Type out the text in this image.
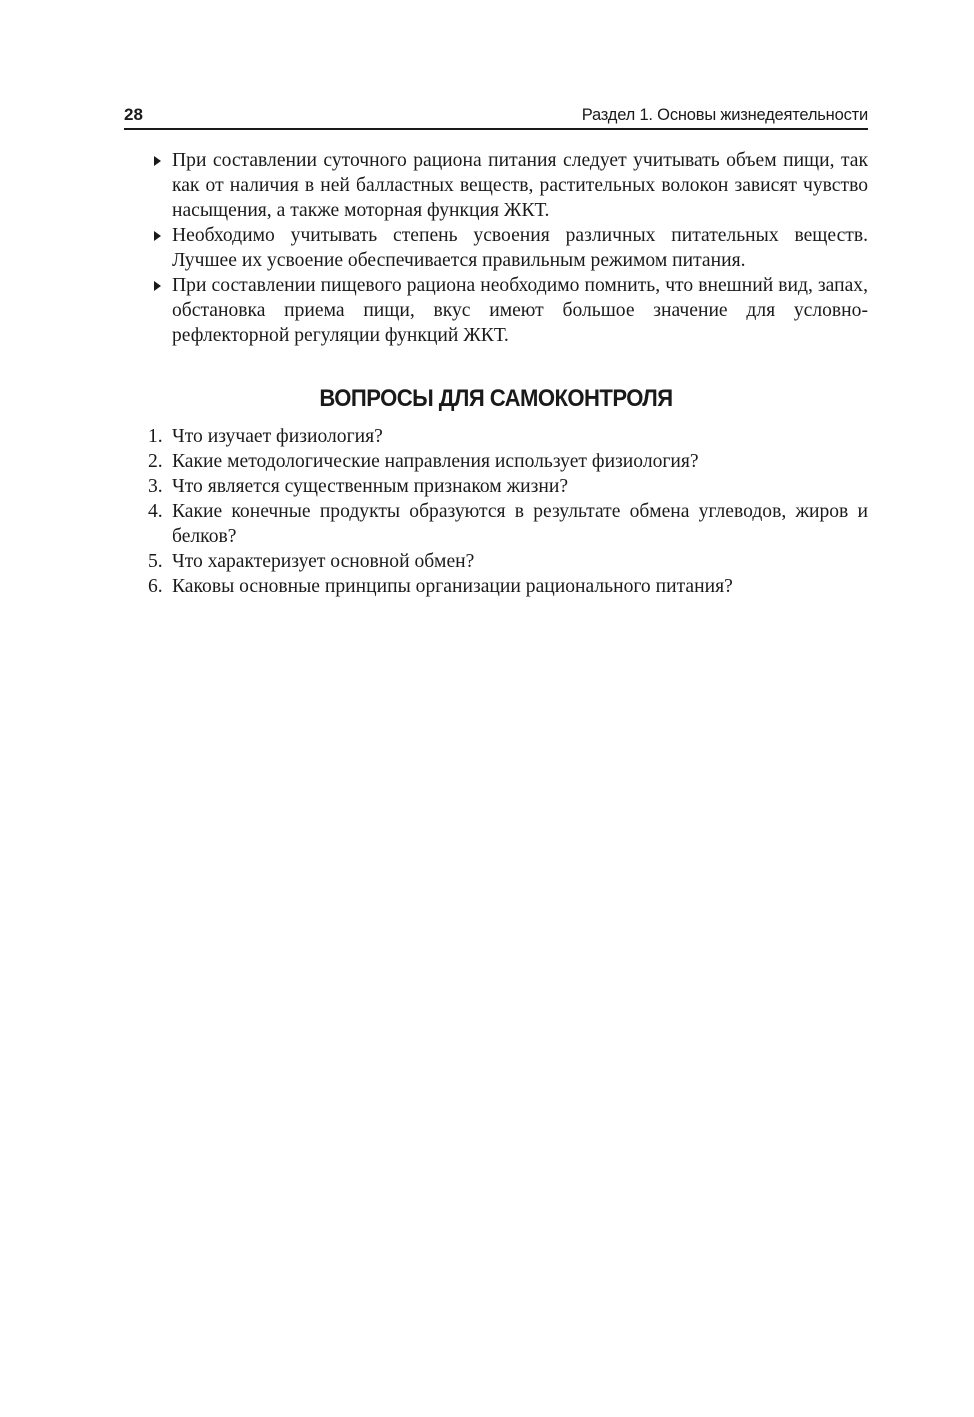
28	Раздел 1. Основы жизнедеятельности
При составлении суточного рациона питания следует учитывать объем пищи, так как от наличия в ней балластных веществ, растительных волокон зависят чувство насыщения, а также моторная функция ЖКТ.
Необходимо учитывать степень усвоения различных питательных веществ. Лучшее их усвоение обеспечивается правильным режимом питания.
При составлении пищевого рациона необходимо помнить, что внешний вид, запах, обстановка приема пищи, вкус имеют большое значение для условно-рефлекторной регуляции функций ЖКТ.
ВОПРОСЫ ДЛЯ САМОКОНТРОЛЯ
1. Что изучает физиология?
2. Какие методологические направления использует физиология?
3. Что является существенным признаком жизни?
4. Какие конечные продукты образуются в результате обмена углеводов, жиров и белков?
5. Что характеризует основной обмен?
6. Каковы основные принципы организации рационального питания?
